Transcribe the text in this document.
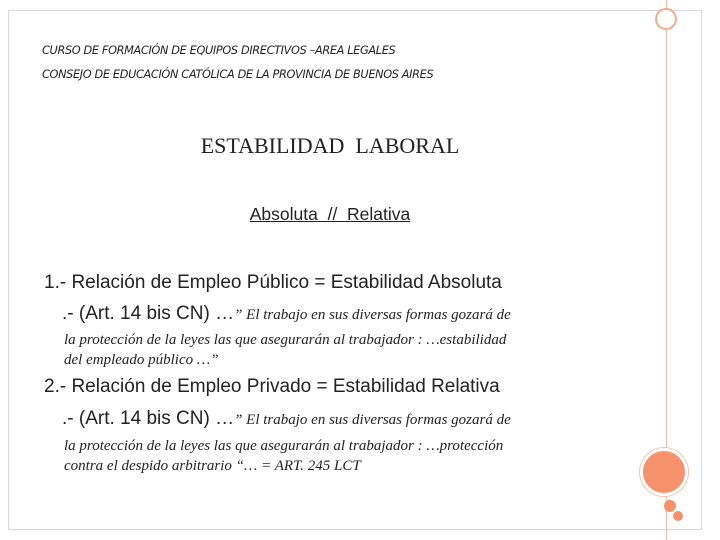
CURSO DE FORMACIÓN DE EQUIPOS DIRECTIVOS –AREA LEGALES
CONSEJO DE EDUCACIÓN CATÓLICA DE LA PROVINCIA DE BUENOS AIRES
ESTABILIDAD  LABORAL
Absoluta  //  Relativa
1.- Relación de Empleo Público = Estabilidad Absoluta
.- (Art. 14 bis CN) …” El trabajo en sus diversas formas gozará de
la protección de la leyes las que asegurarán al trabajador : …estabilidad
del empleado público …”
2.- Relación de Empleo Privado = Estabilidad Relativa
.- (Art. 14 bis CN) …” El trabajo en sus diversas formas gozará de
la protección de la leyes las que asegurarán al trabajador : …protección
contra el despido arbitrario “… = ART. 245 LCT
